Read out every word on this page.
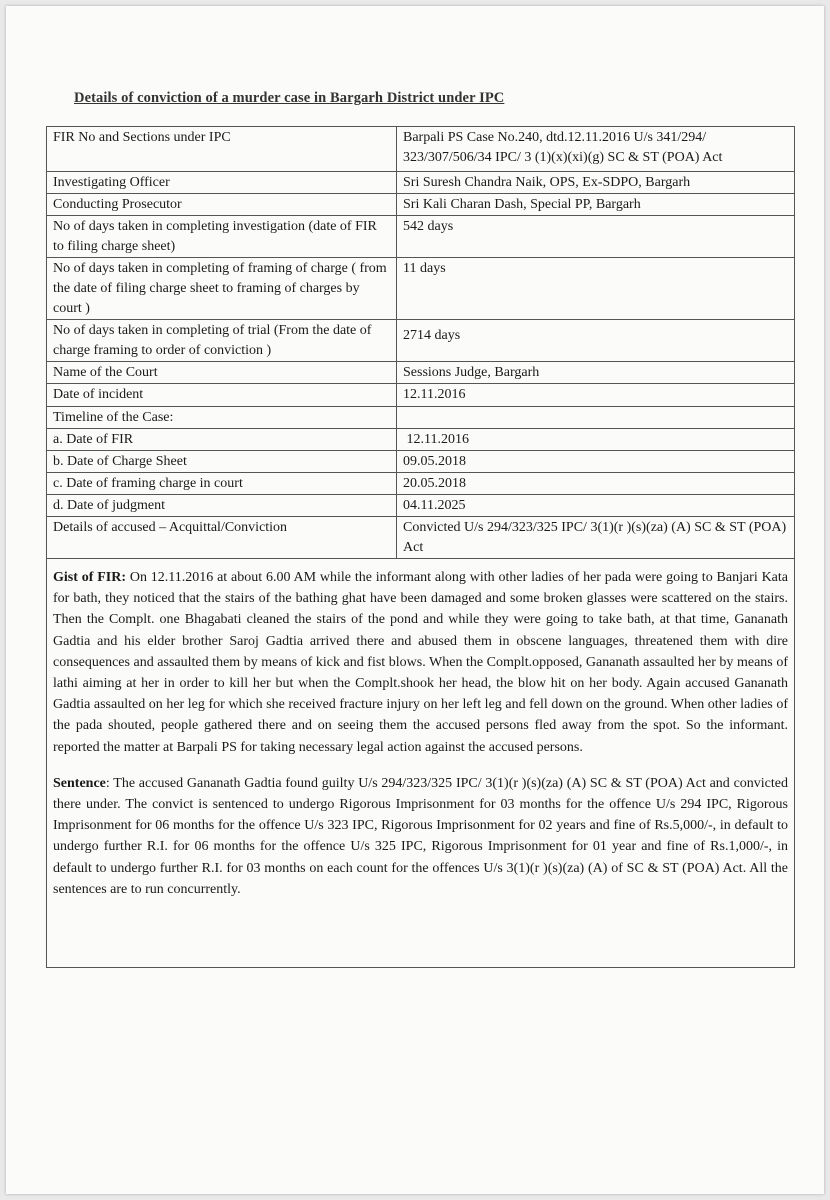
Details of conviction of a murder case in Bargarh District under IPC
FIR No and Sections under IPC	Barpali PS Case No.240, dtd.12.11.2016 U/s 341/294/ 323/307/506/34 IPC/ 3 (1)(x)(xi)(g) SC & ST (POA) Act
Investigating Officer	Sri Suresh Chandra Naik, OPS, Ex-SDPO, Bargarh
Conducting Prosecutor	Sri Kali Charan Dash, Special PP, Bargarh
No of days taken in completing investigation (date of FIR to filing charge sheet)	542 days
No of days taken in completing of framing of charge ( from the date of filing charge sheet to framing of charges by court )	11 days
No of days taken in completing of trial (From the date of charge framing to order of conviction )	2714 days
Name of the Court	Sessions Judge, Bargarh
Date of incident	12.11.2016
Timeline of the Case:	
a. Date of FIR	12.11.2016
b. Date of Charge Sheet	09.05.2018
c. Date of framing charge in court	20.05.2018
d. Date of judgment	04.11.2025
Details of accused – Acquittal/Conviction	Convicted U/s 294/323/325 IPC/ 3(1)(r )(s)(za) (A) SC & ST (POA) Act

Gist of FIR: On 12.11.2016 at about 6.00 AM while the informant along with other ladies of her pada were going to Banjari Kata for bath, they noticed that the stairs of the bathing ghat have been damaged and some broken glasses were scattered on the stairs. Then the Complt. one Bhagabati cleaned the stairs of the pond and while they were going to take bath, at that time, Gananath Gadtia and his elder brother Saroj Gadtia arrived there and abused them in obscene languages, threatened them with dire consequences and assaulted them by means of kick and fist blows. When the Complt.opposed, Gananath assaulted her by means of lathi aiming at her in order to kill her but when the Complt.shook her head, the blow hit on her body. Again accused Gananath Gadtia assaulted on her leg for which she received fracture injury on her left leg and fell down on the ground. When other ladies of the pada shouted, people gathered there and on seeing them the accused persons fled away from the spot. So the informant. reported the matter at Barpali PS for taking necessary legal action against the accused persons.

Sentence: The accused Gananath Gadtia found guilty U/s 294/323/325 IPC/ 3(1)(r )(s)(za) (A) SC & ST (POA) Act and convicted there under. The convict is sentenced to undergo Rigorous Imprisonment for 03 months for the offence U/s 294 IPC, Rigorous Imprisonment for 06 months for the offence U/s 323 IPC, Rigorous Imprisonment for 02 years and fine of Rs.5,000/-, in default to undergo further R.I. for 06 months for the offence U/s 325 IPC, Rigorous Imprisonment for 01 year and fine of Rs.1,000/-, in default to undergo further R.I. for 03 months on each count for the offences U/s 3(1)(r )(s)(za) (A) of SC & ST (POA) Act. All the sentences are to run concurrently.
